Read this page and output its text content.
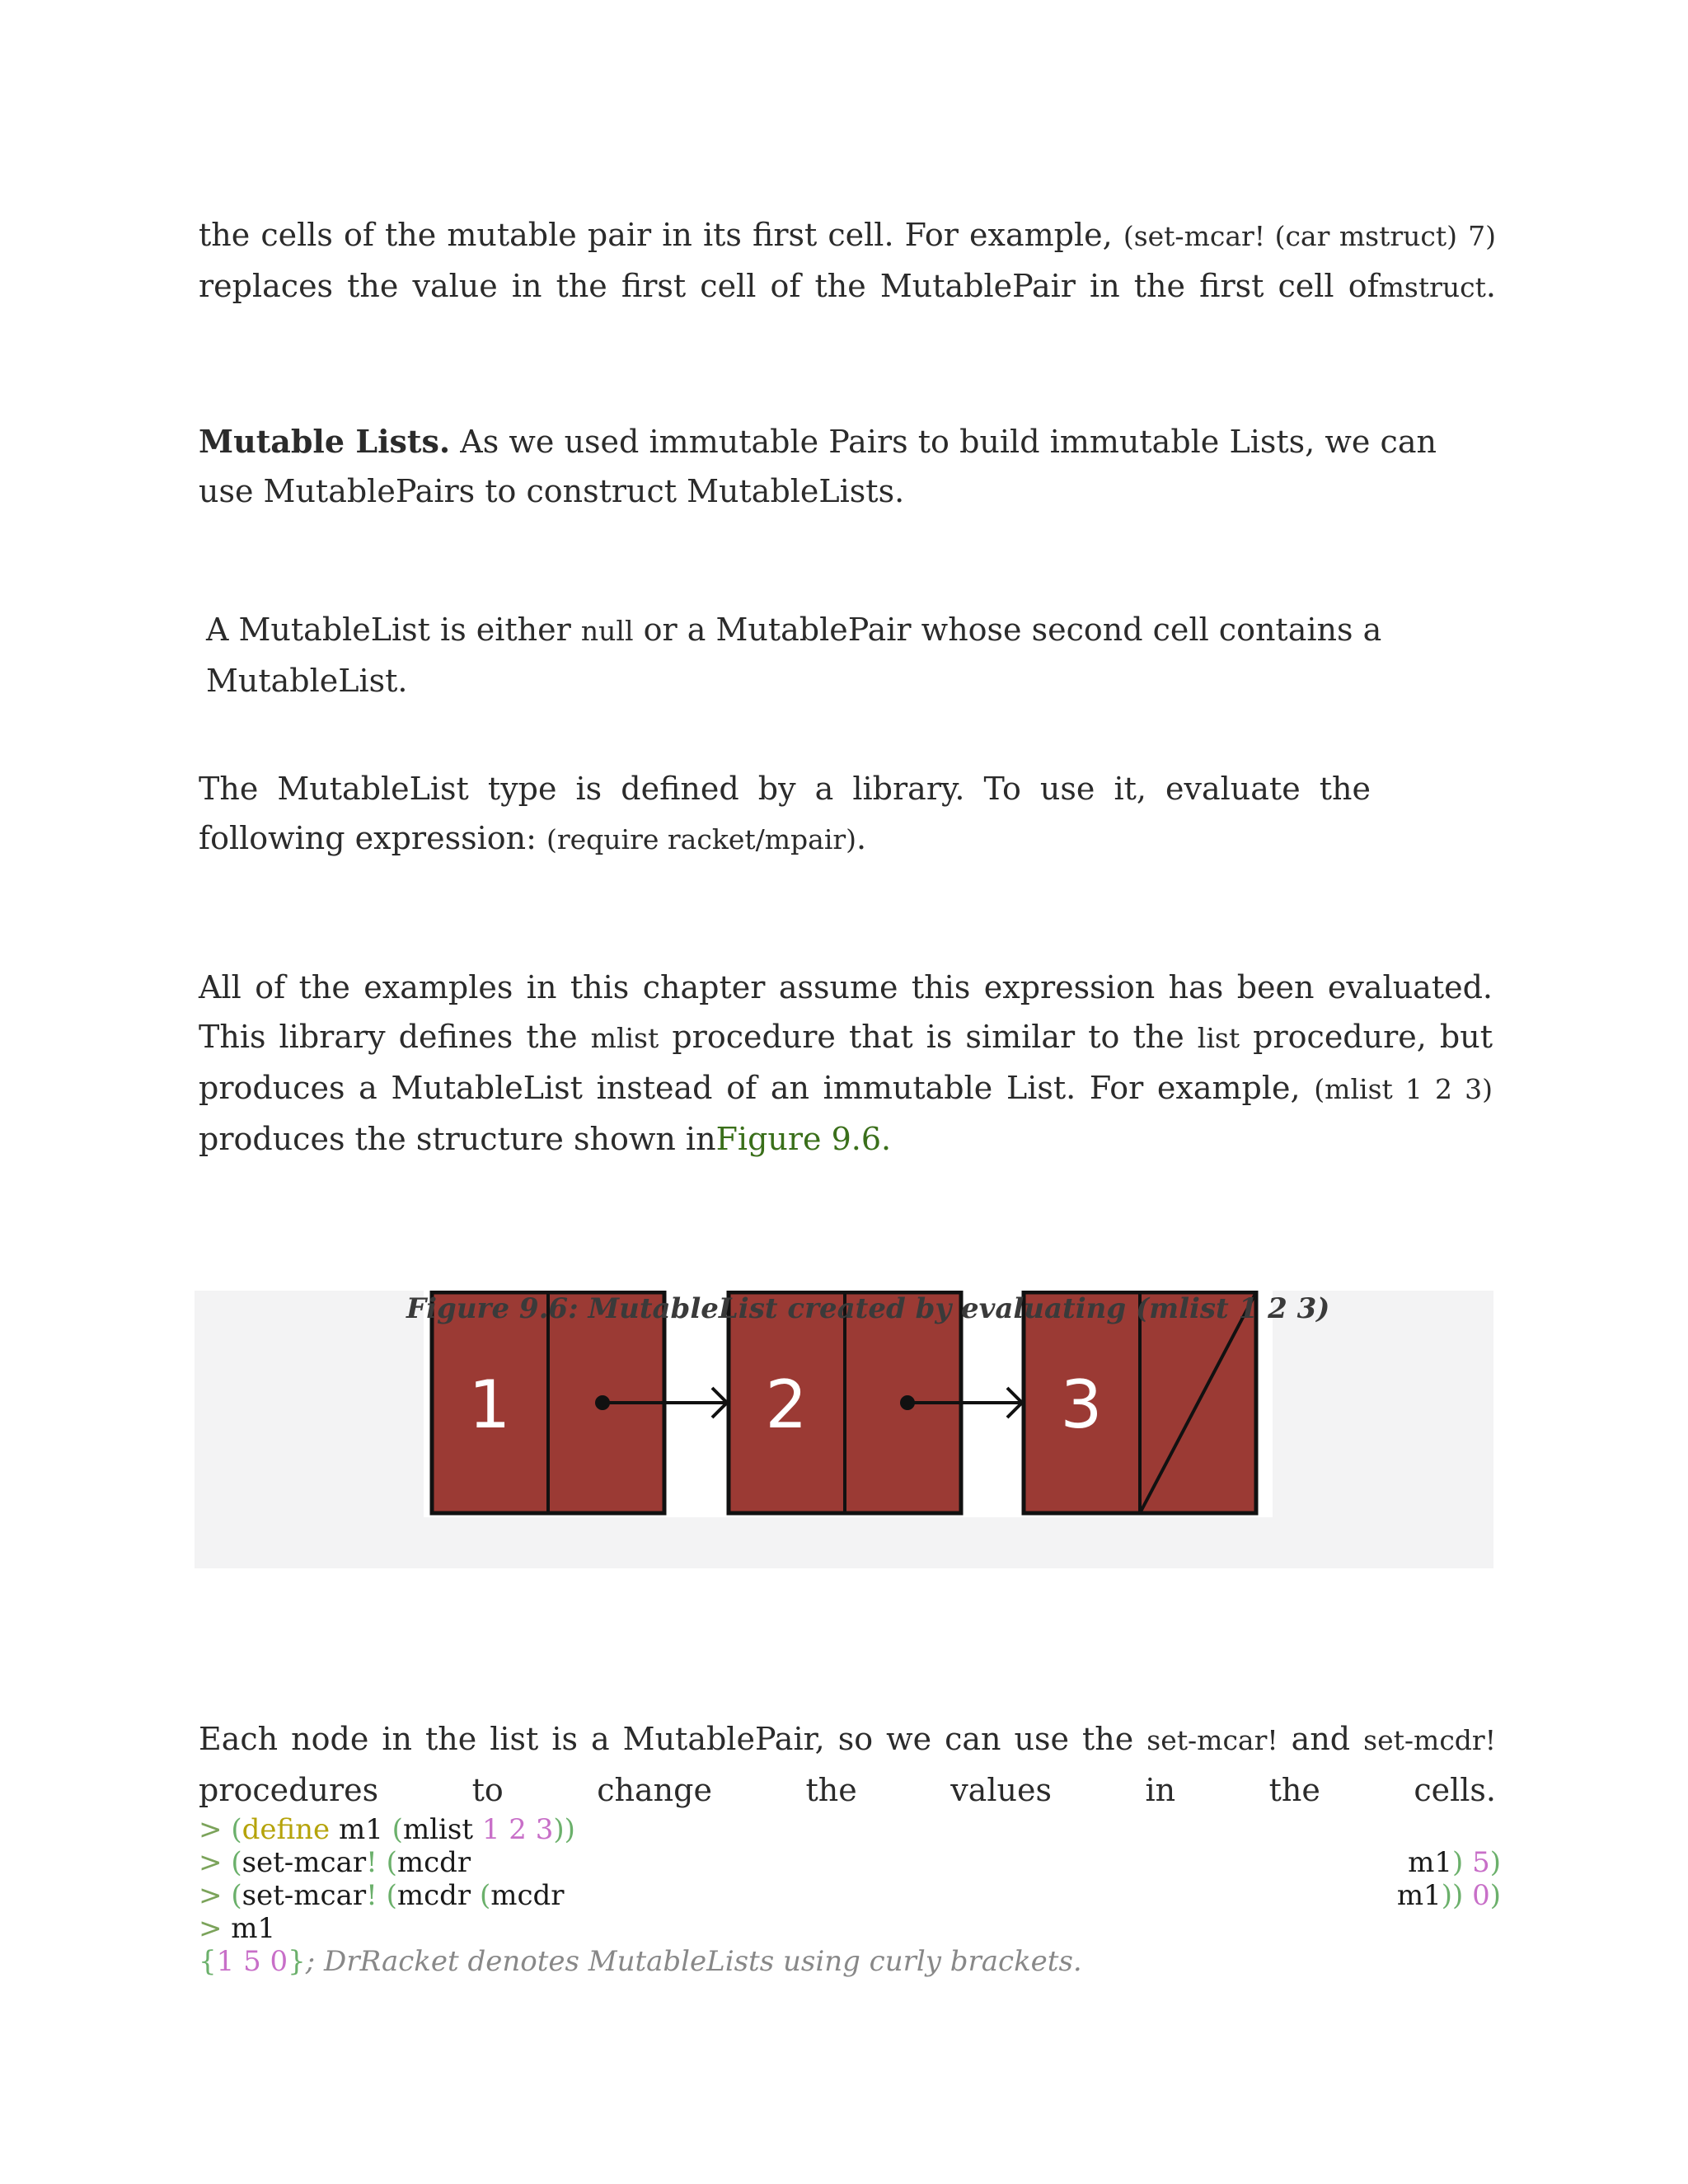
the cells of the mutable pair in its first cell. For example, (set-mcar! (car mstruct) 7) replaces the value in the first cell of the MutablePair in the first cell ofmstruct.
Mutable Lists. As we used immutable Pairs to build immutable Lists, we can use MutablePairs to construct MutableLists.
A MutableList is either null or a MutablePair whose second cell contains a MutableList.
The MutableList type is defined by a library. To use it, evaluate the following expression: (require racket/mpair).
All of the examples in this chapter assume this expression has been evaluated. This library defines the mlist procedure that is similar to the list procedure, but produces a MutableList instead of an immutable List. For example, (mlist 1 2 3) produces the structure shown inFigure 9.6.
1	2	3
Figure 9.6: MutableList created by evaluating (mlist 1 2 3)
Each node in the list is a MutablePair, so we can use the set-mcar! and set-mcdr! procedures to change the values in the cells.
> (define m1 (mlist 1 2 3))
> (set-mcar! (mcdr	m1) 5)
> (set-mcar! (mcdr (mcdr	m1)) 0)
> m1
{1 5 0}; DrRacket denotes MutableLists using curly brackets.
